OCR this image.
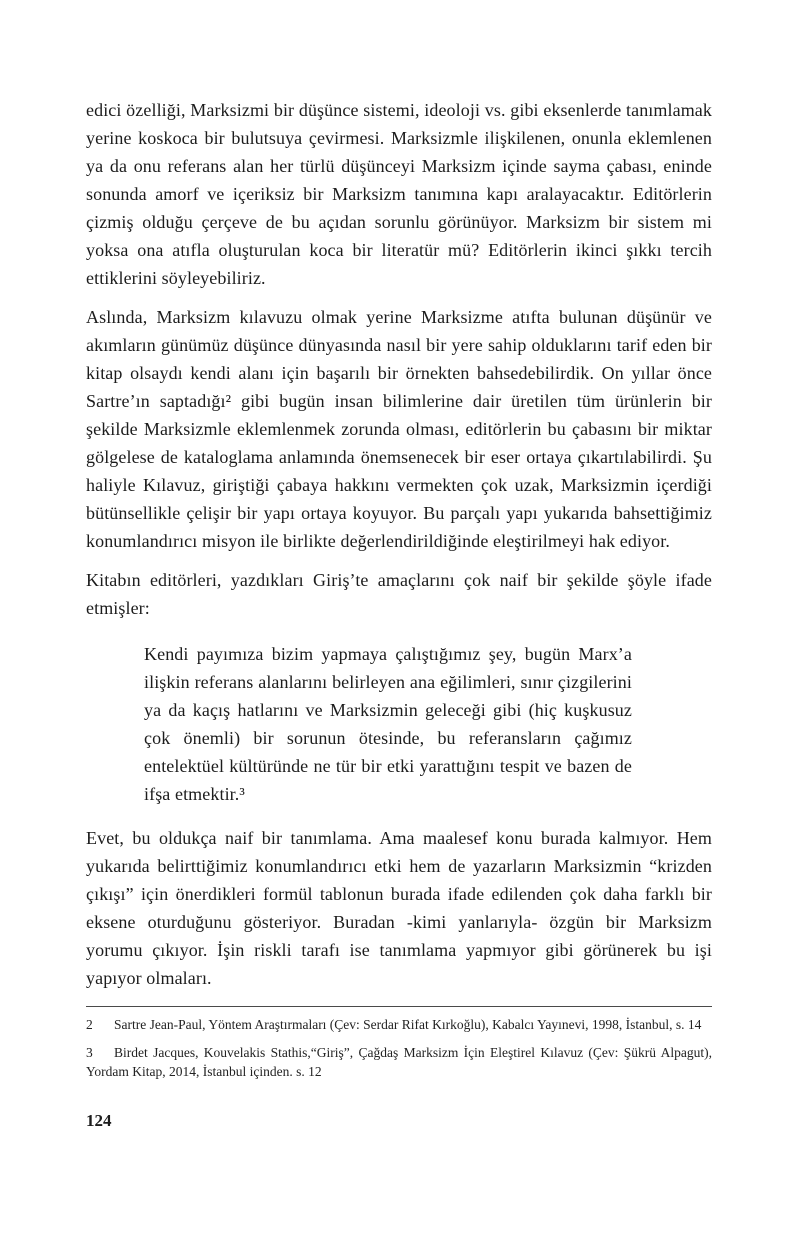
edici özelliği, Marksizmi bir düşünce sistemi, ideoloji vs. gibi eksenlerde tanımlamak yerine koskoca bir bulutsuya çevirmesi. Marksizmle ilişkilenen, onunla eklemlenen ya da onu referans alan her türlü düşünceyi Marksizm içinde sayma çabası, eninde sonunda amorf ve içeriksiz bir Marksizm tanımına kapı aralayacaktır. Editörlerin çizmiş olduğu çerçeve de bu açıdan sorunlu görünüyor. Marksizm bir sistem mi yoksa ona atıfla oluşturulan koca bir literatür mü? Editörlerin ikinci şıkkı tercih ettiklerini söyleyebiliriz.

Aslında, Marksizm kılavuzu olmak yerine Marksizme atıfta bulunan düşünür ve akımların günümüz düşünce dünyasında nasıl bir yere sahip olduklarını tarif eden bir kitap olsaydı kendi alanı için başarılı bir örnekten bahsedebilirdik. On yıllar önce Sartre’ın saptadığı² gibi bugün insan bilimlerine dair üretilen tüm ürünlerin bir şekilde Marksizmle eklemlenmek zorunda olması, editörlerin bu çabasını bir miktar gölgelese de kataloglama anlamında önemsenecek bir eser ortaya çıkartılabilirdi. Şu haliyle Kılavuz, giriştiği çabaya hakkını vermekten çok uzak, Marksizmin içerdiği bütünsellikle çelişir bir yapı ortaya koyuyor. Bu parçalı yapı yukarıda bahsettiğimiz konumlandırıcı misyon ile birlikte değerlendirildiğinde eleştirilmeyi hak ediyor.

Kitabın editörleri, yazdıkları Giriş’te amaçlarını çok naif bir şekilde şöyle ifade etmişler:

Kendi payımıza bizim yapmaya çalıştığımız şey, bugün Marx’a ilişkin referans alanlarını belirleyen ana eğilimleri, sınır çizgilerini ya da kaçış hatlarını ve Marksizmin geleceği gibi (hiç kuşkusuz çok önemli) bir sorunun ötesinde, bu referansların çağımız entelektüel kültüründe ne tür bir etki yarattığını tespit ve bazen de ifşa etmektir.³

Evet, bu oldukça naif bir tanımlama. Ama maalesef konu burada kalmıyor. Hem yukarıda belirttiğimiz konumlandırıcı etki hem de yazarların Marksizmin “krizden çıkışı” için önerdikleri formül tablonun burada ifade edilenden çok daha farklı bir eksene oturduğunu gösteriyor. Buradan -kimi yanlarıyla- özgün bir Marksizm yorumu çıkıyor. İşin riskli tarafı ise tanımlama yapmıyor gibi görünerek bu işi yapıyor olmaları.

2 Sartre Jean-Paul, Yöntem Araştırmaları (Çev: Serdar Rifat Kırkoğlu), Kabalcı Yayınevi, 1998, İstanbul, s. 14

3 Birdet Jacques, Kouvelakis Stathis,“Giriş”, Çağdaş Marksizm İçin Eleştirel Kılavuz (Çev: Şükrü Alpagut), Yordam Kitap, 2014, İstanbul içinden. s. 12

124
